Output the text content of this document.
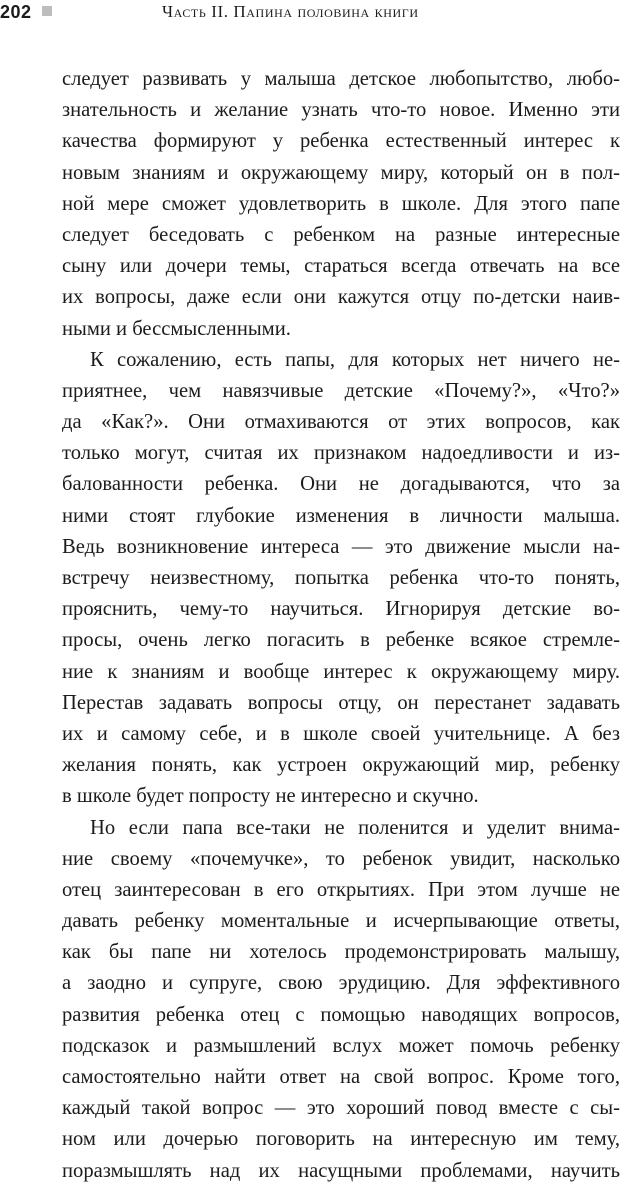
202	Часть II. Папина половина книги
следует развивать у малыша детское любопытство, любо-
знательность и желание узнать что-то новое. Именно эти
качества формируют у ребенка естественный интерес к
новым знаниям и окружающему миру, который он в пол-
ной мере сможет удовлетворить в школе. Для этого папе
следует беседовать с ребенком на разные интересные
сыну или дочери темы, стараться всегда отвечать на все
их вопросы, даже если они кажутся отцу по-детски наив-
ными и бессмысленными.
К сожалению, есть папы, для которых нет ничего не-
приятнее, чем навязчивые детские «Почему?», «Что?»
да «Как?». Они отмахиваются от этих вопросов, как
только могут, считая их признаком надоедливости и из-
балованности ребенка. Они не догадываются, что за
ними стоят глубокие изменения в личности малыша.
Ведь возникновение интереса — это движение мысли на-
встречу неизвестному, попытка ребенка что-то понять,
прояснить, чему-то научиться. Игнорируя детские во-
просы, очень легко погасить в ребенке всякое стремле-
ние к знаниям и вообще интерес к окружающему миру.
Перестав задавать вопросы отцу, он перестанет задавать
их и самому себе, и в школе своей учительнице. А без
желания понять, как устроен окружающий мир, ребенку
в школе будет попросту не интересно и скучно.
Но если папа все-таки не поленится и уделит внима-
ние своему «почемучке», то ребенок увидит, насколько
отец заинтересован в его открытиях. При этом лучше не
давать ребенку моментальные и исчерпывающие ответы,
как бы папе ни хотелось продемонстрировать малышу,
а заодно и супруге, свою эрудицию. Для эффективного
развития ребенка отец с помощью наводящих вопросов,
подсказок и размышлений вслух может помочь ребенку
самостоятельно найти ответ на свой вопрос. Кроме того,
каждый такой вопрос — это хороший повод вместе с сы-
ном или дочерью поговорить на интересную им тему,
поразмышлять над их насущными проблемами, научить
